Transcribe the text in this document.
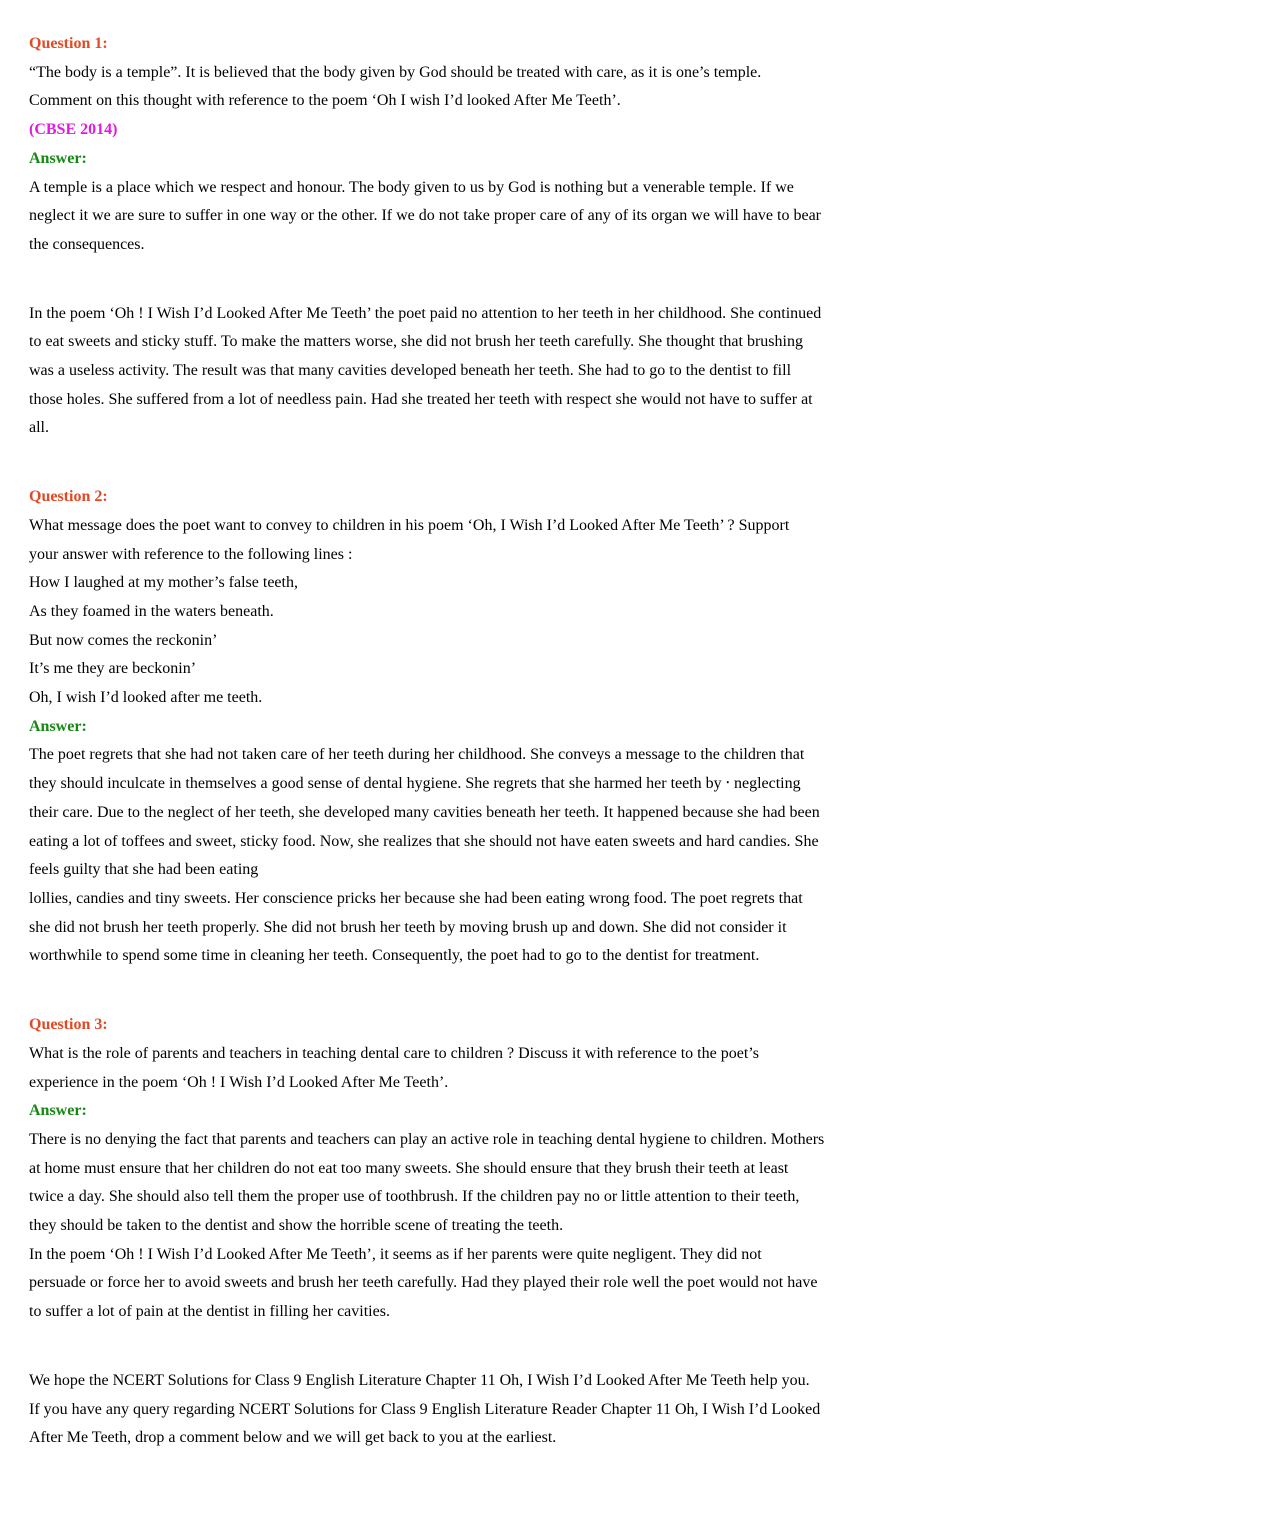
Question 1:
“The body is a temple”. It is believed that the body given by God should be treated with care, as it is one’s temple.
Comment on this thought with reference to the poem ‘Oh I wish I’d looked After Me Teeth’.
(CBSE 2014)
Answer:
A temple is a place which we respect and honour. The body given to us by God is nothing but a venerable temple. If we
neglect it we are sure to suffer in one way or the other. If we do not take proper care of any of its organ we will have to bear
the consequences.
In the poem ‘Oh ! I Wish I’d Looked After Me Teeth’ the poet paid no attention to her teeth in her childhood. She continued
to eat sweets and sticky stuff. To make the matters worse, she did not brush her teeth carefully. She thought that brushing
was a useless activity. The result was that many cavities developed beneath her teeth. She had to go to the dentist to fill
those holes. She suffered from a lot of needless pain. Had she treated her teeth with respect she would not have to suffer at
all.
Question 2:
What message does the poet want to convey to children in his poem ‘Oh, I Wish I’d Looked After Me Teeth’ ? Support
your answer with reference to the following lines :
How I laughed at my mother’s false teeth,
As they foamed in the waters beneath.
But now comes the reckonin’
It’s me they are beckonin’
Oh, I wish I’d looked after me teeth.
Answer:
The poet regrets that she had not taken care of her teeth during her childhood. She conveys a message to the children that
they should inculcate in themselves a good sense of dental hygiene. She regrets that she harmed her teeth by ⸱ neglecting
their care. Due to the neglect of her teeth, she developed many cavities beneath her teeth. It happened because she had been
eating a lot of toffees and sweet, sticky food. Now, she realizes that she should not have eaten sweets and hard candies. She
feels guilty that she had been eating
lollies, candies and tiny sweets. Her conscience pricks her because she had been eating wrong food. The poet regrets that
she did not brush her teeth properly. She did not brush her teeth by moving brush up and down. She did not consider it
worthwhile to spend some time in cleaning her teeth. Consequently, the poet had to go to the dentist for treatment.
Question 3:
What is the role of parents and teachers in teaching dental care to children ? Discuss it with reference to the poet’s
experience in the poem ‘Oh ! I Wish I’d Looked After Me Teeth’.
Answer:
There is no denying the fact that parents and teachers can play an active role in teaching dental hygiene to children. Mothers
at home must ensure that her children do not eat too many sweets. She should ensure that they brush their teeth at least
twice a day. She should also tell them the proper use of toothbrush. If the children pay no or little attention to their teeth,
they should be taken to the dentist and show the horrible scene of treating the teeth.
In the poem ‘Oh ! I Wish I’d Looked After Me Teeth’, it seems as if her parents were quite negligent. They did not
persuade or force her to avoid sweets and brush her teeth carefully. Had they played their role well the poet would not have
to suffer a lot of pain at the dentist in filling her cavities.
We hope the NCERT Solutions for Class 9 English Literature Chapter 11 Oh, I Wish I’d Looked After Me Teeth help you.
If you have any query regarding NCERT Solutions for Class 9 English Literature Reader Chapter 11 Oh, I Wish I’d Looked
After Me Teeth, drop a comment below and we will get back to you at the earliest.
